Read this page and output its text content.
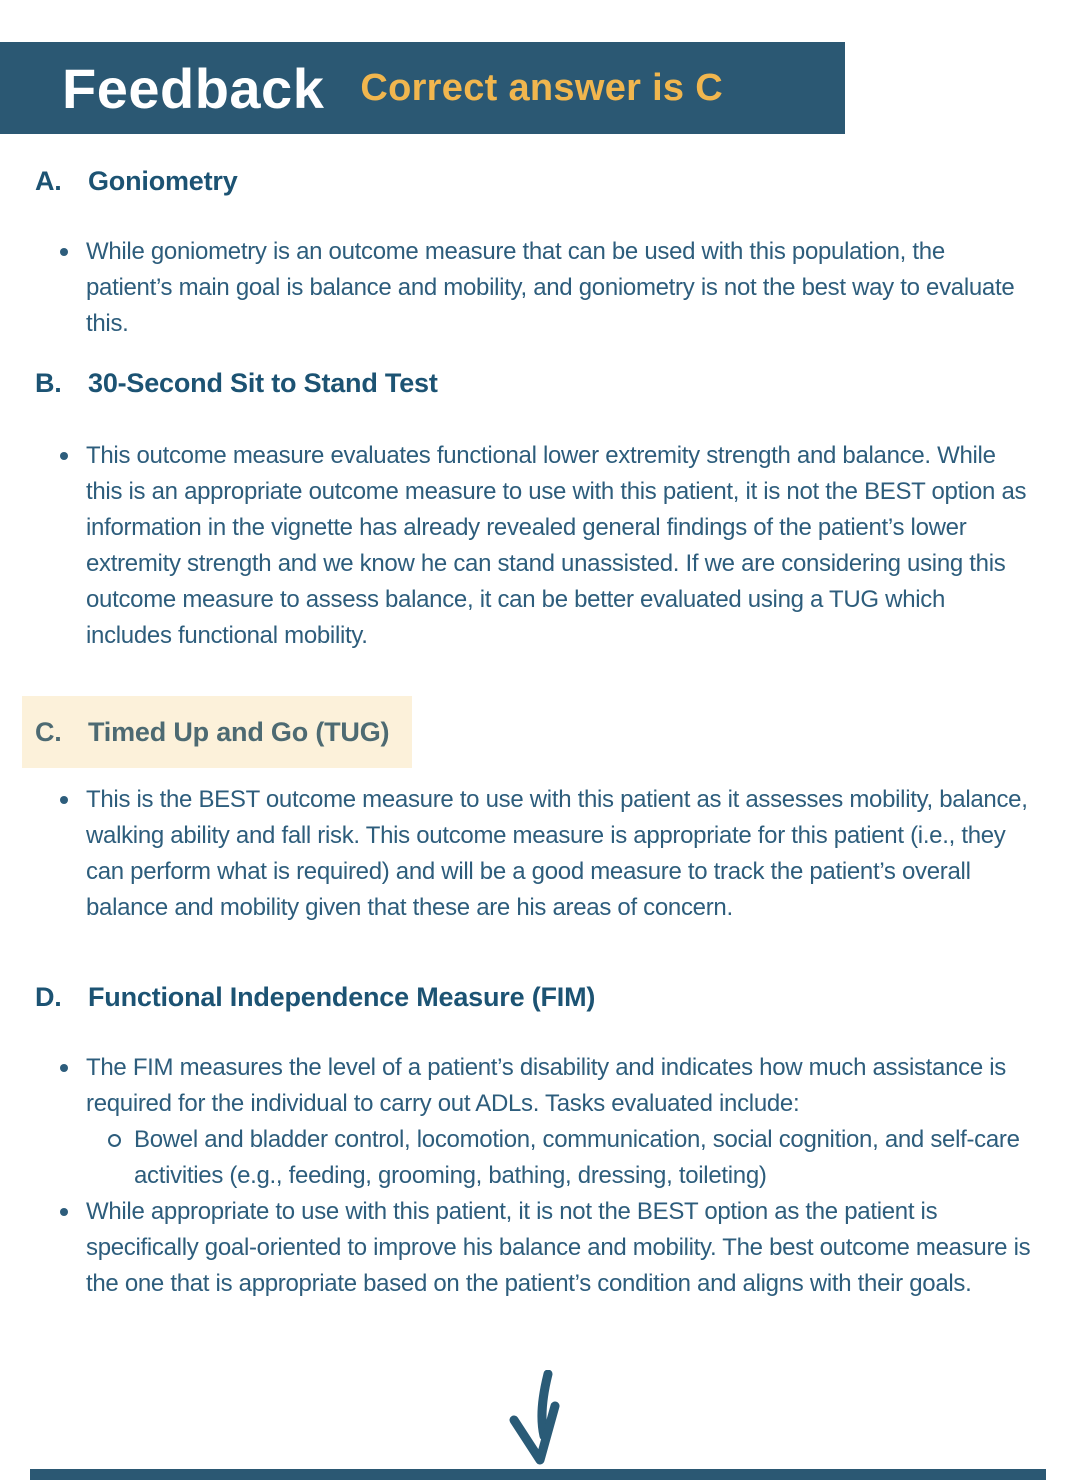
Feedback Correct answer is C
A. Goniometry

While goniometry is an outcome measure that can be used with this population, the patient’s main goal is balance and mobility, and goniometry is not the best way to evaluate this.

B. 30-Second Sit to Stand Test

This outcome measure evaluates functional lower extremity strength and balance. While this is an appropriate outcome measure to use with this patient, it is not the BEST option as information in the vignette has already revealed general findings of the patient’s lower extremity strength and we know he can stand unassisted. If we are considering using this outcome measure to assess balance, it can be better evaluated using a TUG which includes functional mobility.

C. Timed Up and Go (TUG)

This is the BEST outcome measure to use with this patient as it assesses mobility, balance, walking ability and fall risk. This outcome measure is appropriate for this patient (i.e., they can perform what is required) and will be a good measure to track the patient’s overall balance and mobility given that these are his areas of concern.

D. Functional Independence Measure (FIM)

The FIM measures the level of a patient’s disability and indicates how much assistance is required for the individual to carry out ADLs. Tasks evaluated include:

Bowel and bladder control, locomotion, communication, social cognition, and self-care activities (e.g., feeding, grooming, bathing, dressing, toileting)

While appropriate to use with this patient, it is not the BEST option as the patient is specifically goal-oriented to improve his balance and mobility. The best outcome measure is the one that is appropriate based on the patient’s condition and aligns with their goals.
